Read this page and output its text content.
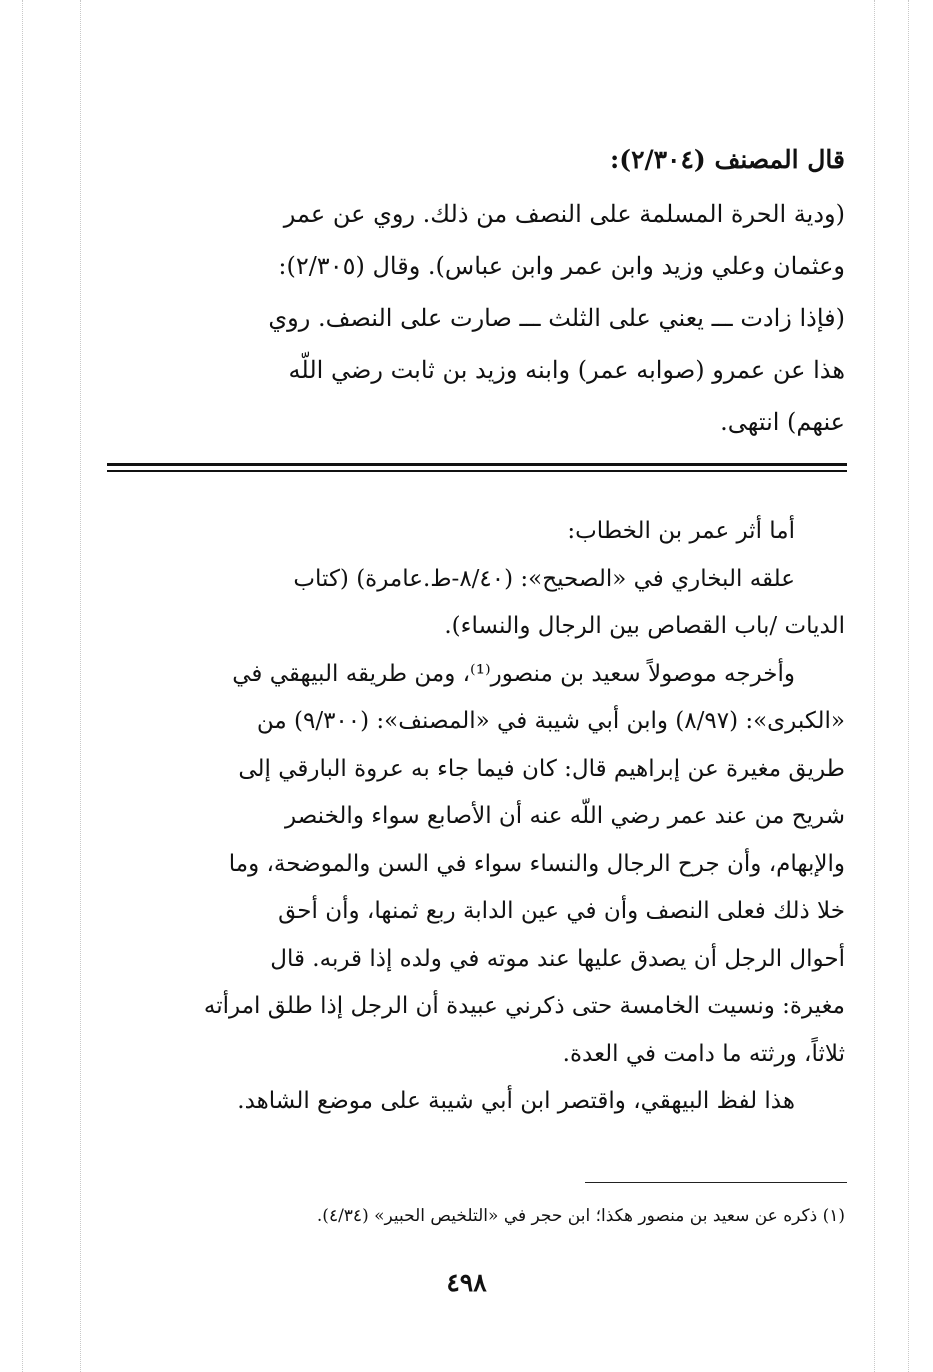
قال المصنف (٢/٣٠٤):
(ودية الحرة المسلمة على النصف من ذلك. روي عن عمر
وعثمان وعلي وزيد وابن عمر وابن عباس). وقال (٢/٣٠٥):
(فإذا زادت ـــ يعني على الثلث ـــ صارت على النصف. روي
هذا عن عمرو (صوابه عمر) وابنه وزيد بن ثابت رضي اللّه
عنهم) انتهى.
أما أثر عمر بن الخطاب:
علقه البخاري في «الصحيح»: (٨/٤٠-ط.عامرة) (كتاب
الديات /باب القصاص بين الرجال والنساء).
وأخرجه موصولاً سعيد بن منصور⁽¹⁾، ومن طريقه البيهقي في
«الكبرى»: (٨/٩٧) وابن أبي شيبة في «المصنف»: (٩/٣٠٠) من
طريق مغيرة عن إبراهيم قال: كان فيما جاء به عروة البارقي إلى
شريح من عند عمر رضي اللّه عنه أن الأصابع سواء والخنصر
والإبهام، وأن جرح الرجال والنساء سواء في السن والموضحة، وما
خلا ذلك فعلى النصف وأن في عين الدابة ربع ثمنها، وأن أحق
أحوال الرجل أن يصدق عليها عند موته في ولده إذا قربه. قال
مغيرة: ونسيت الخامسة حتى ذكرني عبيدة أن الرجل إذا طلق امرأته
ثلاثاً، ورثته ما دامت في العدة.
هذا لفظ البيهقي، واقتصر ابن أبي شيبة على موضع الشاهد.
(١) ذكره عن سعيد بن منصور هكذا؛ ابن حجر في «التلخيص الحبير» (٤/٣٤).
٤٩٨
